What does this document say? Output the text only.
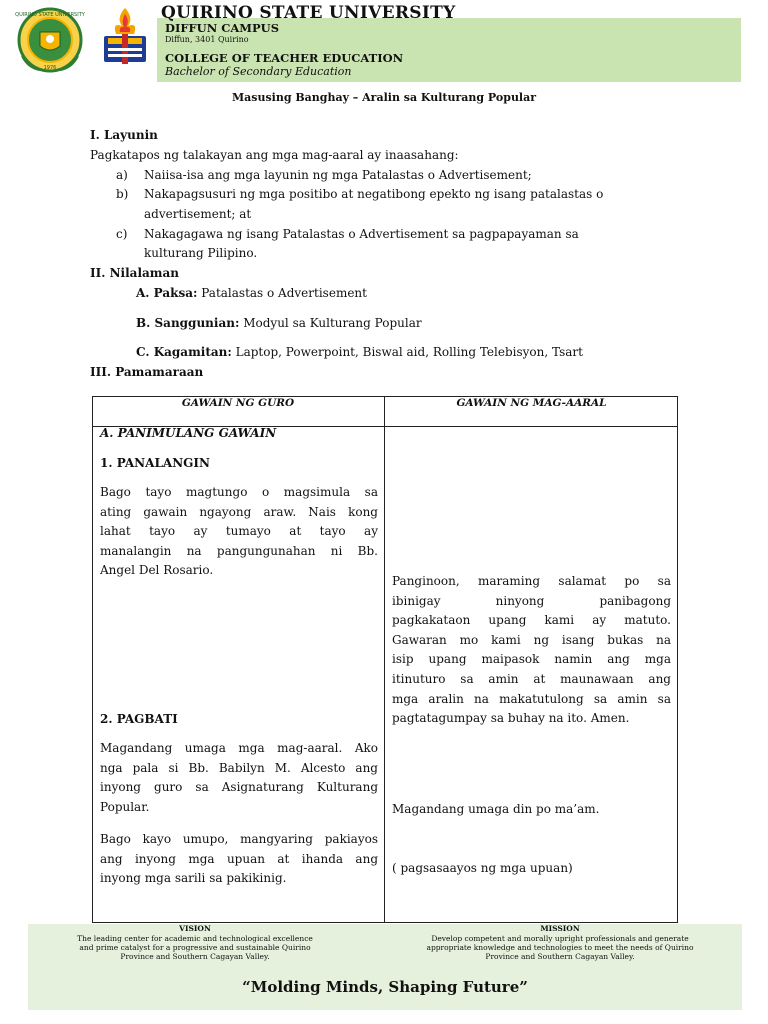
QUIRINO STATE UNIVERSITY
1976
QUIRINO STATE UNIVERSITY
DIFFUN CAMPUS
Diffun, 3401 Quirino
COLLEGE OF TEACHER EDUCATION
Bachelor of Secondary Education
Masusing Banghay – Aralin sa Kulturang Popular
I. Layunin
Pagkatapos ng talakayan ang mga mag-aaral ay inaasahang:
a) Naiisa-isa ang mga layunin ng mga Patalastas o Advertisement;
b) Nakapagsusuri ng mga positibo at negatibong epekto ng isang patalastas o
advertisement; at
c) Nakagagawa ng isang Patalastas o Advertisement sa pagpapayaman sa
kulturang Pilipino.
II. Nilalaman
A. Paksa: Patalastas o Advertisement
B. Sanggunian: Modyul sa Kulturang Popular
C. Kagamitan: Laptop, Powerpoint, Biswal aid, Rolling Telebisyon, Tsart
III. Pamamaraan
GAWAIN NG GURO	GAWAIN NG MAG-AARAL
A. PANIMULANG GAWAIN
1. PANALANGIN
Bago tayo magtungo o magsimula sa
ating gawain ngayong araw. Nais kong
lahat tayo ay tumayo at tayo ay
manalangin na pangungunahan ni Bb.
Angel Del Rosario.
Panginoon, maraming salamat po sa
ibinigay ninyong panibagong
pagkakataon upang kami ay matuto.
Gawaran mo kami ng isang bukas na
isip upang maipasok namin ang mga
itinuturo sa amin at maunawaan ang
mga aralin na makatutulong sa amin sa
pagtatagumpay sa buhay na ito. Amen.
2. PAGBATI
Magandang umaga mga mag-aaral. Ako
nga pala si Bb. Babilyn M. Alcesto ang
inyong guro sa Asignaturang Kulturang
Popular.
Bago kayo umupo, mangyaring pakiayos
ang inyong mga upuan at ihanda ang
inyong mga sarili sa pakikinig.
Magandang umaga din po ma’am.
( pagsasaayos ng mga upuan)
VISION
The leading center for academic and technological excellence
and prime catalyst for a progressive and sustainable Quirino
Province and Southern Cagayan Valley.
MISSION
Develop competent and morally upright professionals and generate
appropriate knowledge and technologies to meet the needs of Quirino
Province and Southern Cagayan Valley.
“Molding Minds, Shaping Future”
